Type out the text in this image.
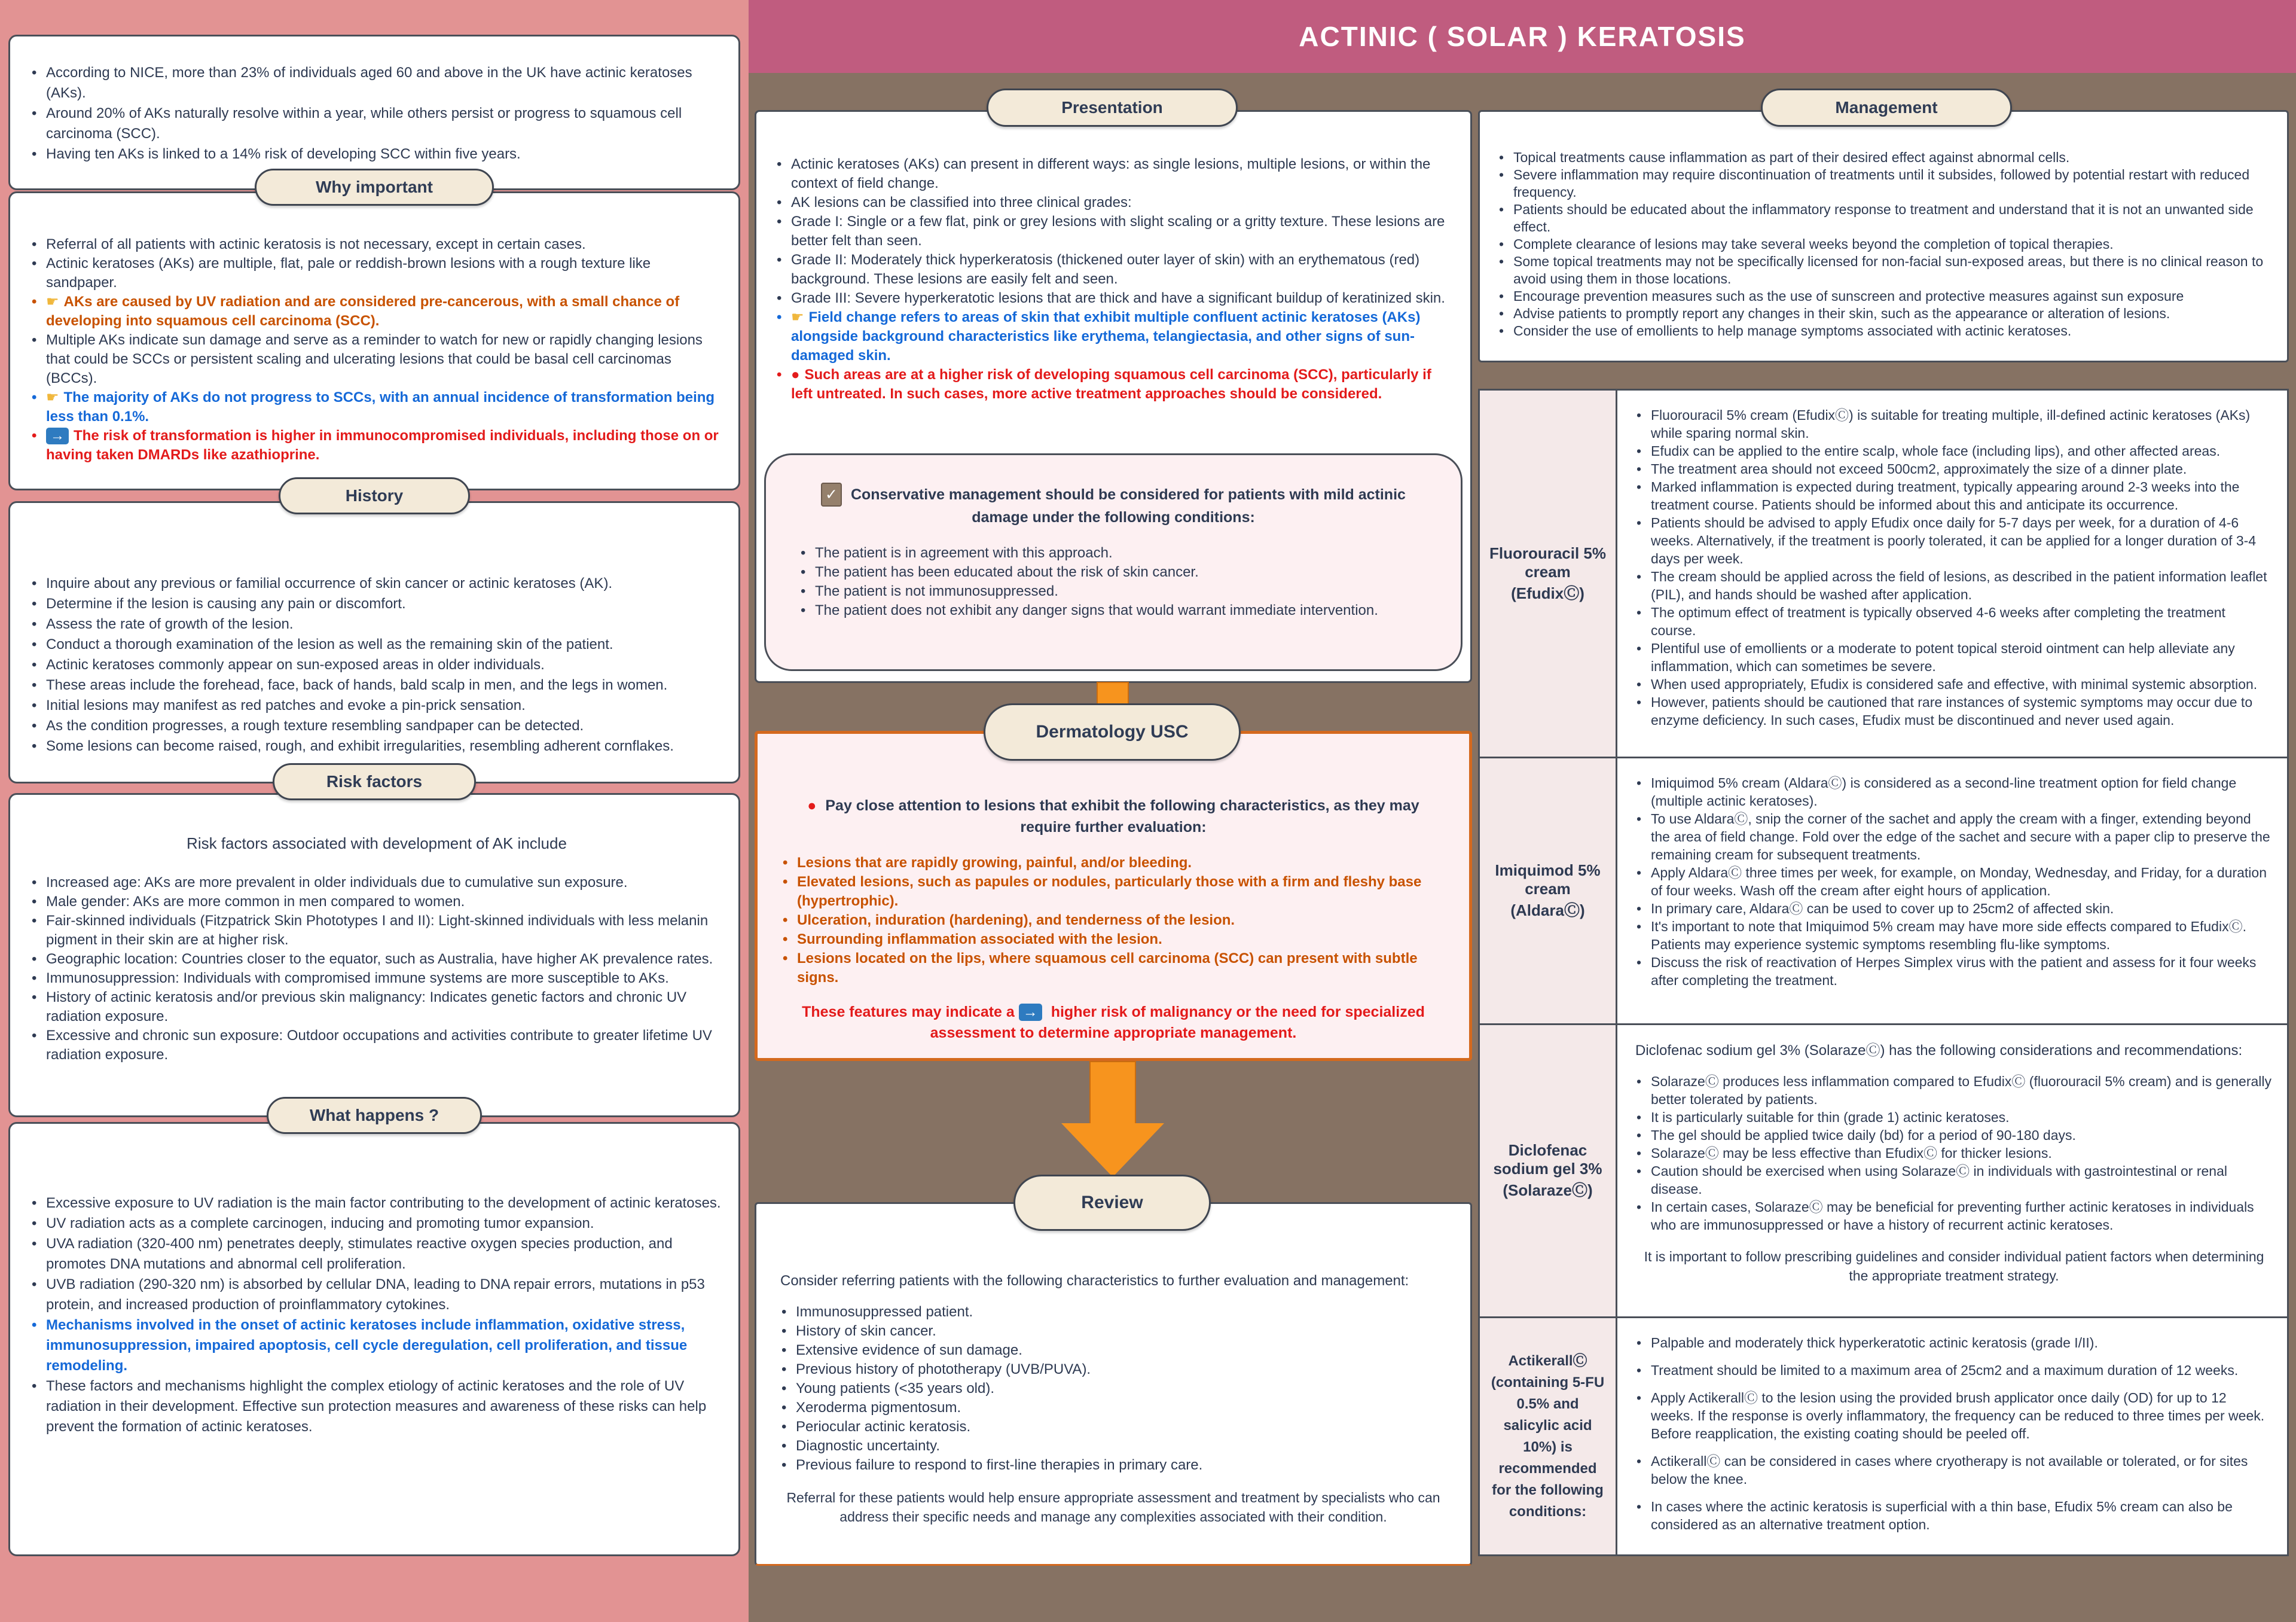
• According to NICE, more than 23% of individuals aged 60 and above in the UK have actinic keratoses (AKs).
• Around 20% of AKs naturally resolve within a year, while others persist or progress to squamous cell carcinoma (SCC).
• Having ten AKs is linked to a 14% risk of developing SCC within five years.
Why important
• Referral of all patients with actinic keratosis is not necessary, except in certain cases.
• Actinic keratoses (AKs) are multiple, flat, pale or reddish-brown lesions with a rough texture like sandpaper.
• ☛ AKs are caused by UV radiation and are considered pre-cancerous, with a small chance of developing into squamous cell carcinoma (SCC).
• Multiple AKs indicate sun damage and serve as a reminder to watch for new or rapidly changing lesions that could be SCCs or persistent scaling and ulcerating lesions that could be basal cell carcinomas (BCCs).
• ☛ The majority of AKs do not progress to SCCs, with an annual incidence of transformation being less than 0.1%.
• → The risk of transformation is higher in immunocompromised individuals, including those on or having taken DMARDs like azathioprine.
History
• Inquire about any previous or familial occurrence of skin cancer or actinic keratoses (AK).
• Determine if the lesion is causing any pain or discomfort.
• Assess the rate of growth of the lesion.
• Conduct a thorough examination of the lesion as well as the remaining skin of the patient.
• Actinic keratoses commonly appear on sun-exposed areas in older individuals.
• These areas include the forehead, face, back of hands, bald scalp in men, and the legs in women.
• Initial lesions may manifest as red patches and evoke a pin-prick sensation.
• As the condition progresses, a rough texture resembling sandpaper can be detected.
• Some lesions can become raised, rough, and exhibit irregularities, resembling adherent cornflakes.
Risk factors
Risk factors associated with development of AK include
• Increased age: AKs are more prevalent in older individuals due to cumulative sun exposure.
• Male gender: AKs are more common in men compared to women.
• Fair-skinned individuals (Fitzpatrick Skin Phototypes I and II): Light-skinned individuals with less melanin pigment in their skin are at higher risk.
• Geographic location: Countries closer to the equator, such as Australia, have higher AK prevalence rates.
• Immunosuppression: Individuals with compromised immune systems are more susceptible to AKs.
• History of actinic keratosis and/or previous skin malignancy: Indicates genetic factors and chronic UV radiation exposure.
• Excessive and chronic sun exposure: Outdoor occupations and activities contribute to greater lifetime UV radiation exposure.
What happens ?
• Excessive exposure to UV radiation is the main factor contributing to the development of actinic keratoses.
• UV radiation acts as a complete carcinogen, inducing and promoting tumor expansion.
• UVA radiation (320-400 nm) penetrates deeply, stimulates reactive oxygen species production, and promotes DNA mutations and abnormal cell proliferation.
• UVB radiation (290-320 nm) is absorbed by cellular DNA, leading to DNA repair errors, mutations in p53 protein, and increased production of proinflammatory cytokines.
• Mechanisms involved in the onset of actinic keratoses include inflammation, oxidative stress, immunosuppression, impaired apoptosis, cell cycle deregulation, cell proliferation, and tissue remodeling.
• These factors and mechanisms highlight the complex etiology of actinic keratoses and the role of UV radiation in their development. Effective sun protection measures and awareness of these risks can help prevent the formation of actinic keratoses.
ACTINIC ( SOLAR ) KERATOSIS
Presentation
• Actinic keratoses (AKs) can present in different ways: as single lesions, multiple lesions, or within the context of field change.
• AK lesions can be classified into three clinical grades:
• Grade I: Single or a few flat, pink or grey lesions with slight scaling or a gritty texture. These lesions are better felt than seen.
• Grade II: Moderately thick hyperkeratosis (thickened outer layer of skin) with an erythematous (red) background. These lesions are easily felt and seen.
• Grade III: Severe hyperkeratotic lesions that are thick and have a significant buildup of keratinized skin.
• ☛ Field change refers to areas of skin that exhibit multiple confluent actinic keratoses (AKs) alongside background characteristics like erythema, telangiectasia, and other signs of sun-damaged skin.
• ● Such areas are at a higher risk of developing squamous cell carcinoma (SCC), particularly if left untreated. In such cases, more active treatment approaches should be considered.
✓ Conservative management should be considered for patients with mild actinic damage under the following conditions:
• The patient is in agreement with this approach.
• The patient has been educated about the risk of skin cancer.
• The patient is not immunosuppressed.
• The patient does not exhibit any danger signs that would warrant immediate intervention.
Dermatology USC
● Pay close attention to lesions that exhibit the following characteristics, as they may require further evaluation:
• Lesions that are rapidly growing, painful, and/or bleeding.
• Elevated lesions, such as papules or nodules, particularly those with a firm and fleshy base (hypertrophic).
• Ulceration, induration (hardening), and tenderness of the lesion.
• Surrounding inflammation associated with the lesion.
• Lesions located on the lips, where squamous cell carcinoma (SCC) can present with subtle signs.
These features may indicate a → higher risk of malignancy or the need for specialized assessment to determine appropriate management.
Review
Consider referring patients with the following characteristics to further evaluation and management:
• Immunosuppressed patient.
• History of skin cancer.
• Extensive evidence of sun damage.
• Previous history of phototherapy (UVB/PUVA).
• Young patients (<35 years old).
• Xeroderma pigmentosum.
• Periocular actinic keratosis.
• Diagnostic uncertainty.
• Previous failure to respond to first-line therapies in primary care.
Referral for these patients would help ensure appropriate assessment and treatment by specialists who can address their specific needs and manage any complexities associated with their condition.
Management
• Topical treatments cause inflammation as part of their desired effect against abnormal cells.
• Severe inflammation may require discontinuation of treatments until it subsides, followed by potential restart with reduced frequency.
• Patients should be educated about the inflammatory response to treatment and understand that it is not an unwanted side effect.
• Complete clearance of lesions may take several weeks beyond the completion of topical therapies.
• Some topical treatments may not be specifically licensed for non-facial sun-exposed areas, but there is no clinical reason to avoid using them in those locations.
• Encourage prevention measures such as the use of sunscreen and protective measures against sun exposure
• Advise patients to promptly report any changes in their skin, such as the appearance or alteration of lesions.
• Consider the use of emollients to help manage symptoms associated with actinic keratoses.
Fluorouracil 5% cream (EfudixⒸ)
• Fluorouracil 5% cream (EfudixⒸ) is suitable for treating multiple, ill-defined actinic keratoses (AKs) while sparing normal skin.
• Efudix can be applied to the entire scalp, whole face (including lips), and other affected areas.
• The treatment area should not exceed 500cm2, approximately the size of a dinner plate.
• Marked inflammation is expected during treatment, typically appearing around 2-3 weeks into the treatment course. Patients should be informed about this and anticipate its occurrence.
• Patients should be advised to apply Efudix once daily for 5-7 days per week, for a duration of 4-6 weeks. Alternatively, if the treatment is poorly tolerated, it can be applied for a longer duration of 3-4 days per week.
• The cream should be applied across the field of lesions, as described in the patient information leaflet (PIL), and hands should be washed after application.
• The optimum effect of treatment is typically observed 4-6 weeks after completing the treatment course.
• Plentiful use of emollients or a moderate to potent topical steroid ointment can help alleviate any inflammation, which can sometimes be severe.
• When used appropriately, Efudix is considered safe and effective, with minimal systemic absorption.
• However, patients should be cautioned that rare instances of systemic symptoms may occur due to enzyme deficiency. In such cases, Efudix must be discontinued and never used again.
Imiquimod 5% cream (AldaraⒸ)
• Imiquimod 5% cream (AldaraⒸ) is considered as a second-line treatment option for field change (multiple actinic keratoses).
• To use AldaraⒸ, snip the corner of the sachet and apply the cream with a finger, extending beyond the area of field change. Fold over the edge of the sachet and secure with a paper clip to preserve the remaining cream for subsequent treatments.
• Apply AldaraⒸ three times per week, for example, on Monday, Wednesday, and Friday, for a duration of four weeks. Wash off the cream after eight hours of application.
• In primary care, AldaraⒸ can be used to cover up to 25cm2 of affected skin.
• It's important to note that Imiquimod 5% cream may have more side effects compared to EfudixⒸ. Patients may experience systemic symptoms resembling flu-like symptoms.
• Discuss the risk of reactivation of Herpes Simplex virus with the patient and assess for it four weeks after completing the treatment.
Diclofenac sodium gel 3% (SolarazeⒸ)
Diclofenac sodium gel 3% (SolarazeⒸ) has the following considerations and recommendations:
• SolarazeⒸ produces less inflammation compared to EfudixⒸ (fluorouracil 5% cream) and is generally better tolerated by patients.
• It is particularly suitable for thin (grade 1) actinic keratoses.
• The gel should be applied twice daily (bd) for a period of 90-180 days.
• SolarazeⒸ may be less effective than EfudixⒸ for thicker lesions.
• Caution should be exercised when using SolarazeⒸ in individuals with gastrointestinal or renal disease.
• In certain cases, SolarazeⒸ may be beneficial for preventing further actinic keratoses in individuals who are immunosuppressed or have a history of recurrent actinic keratoses.
It is important to follow prescribing guidelines and consider individual patient factors when determining the appropriate treatment strategy.
ActikerallⒸ (containing 5-FU 0.5% and salicylic acid 10%) is recommended for the following conditions:
• Palpable and moderately thick hyperkeratotic actinic keratosis (grade I/II).
• Treatment should be limited to a maximum area of 25cm2 and a maximum duration of 12 weeks.
• Apply ActikerallⒸ to the lesion using the provided brush applicator once daily (OD) for up to 12 weeks. If the response is overly inflammatory, the frequency can be reduced to three times per week. Before reapplication, the existing coating should be peeled off.
• ActikerallⒸ can be considered in cases where cryotherapy is not available or tolerated, or for sites below the knee.
• In cases where the actinic keratosis is superficial with a thin base, Efudix 5% cream can also be considered as an alternative treatment option.
